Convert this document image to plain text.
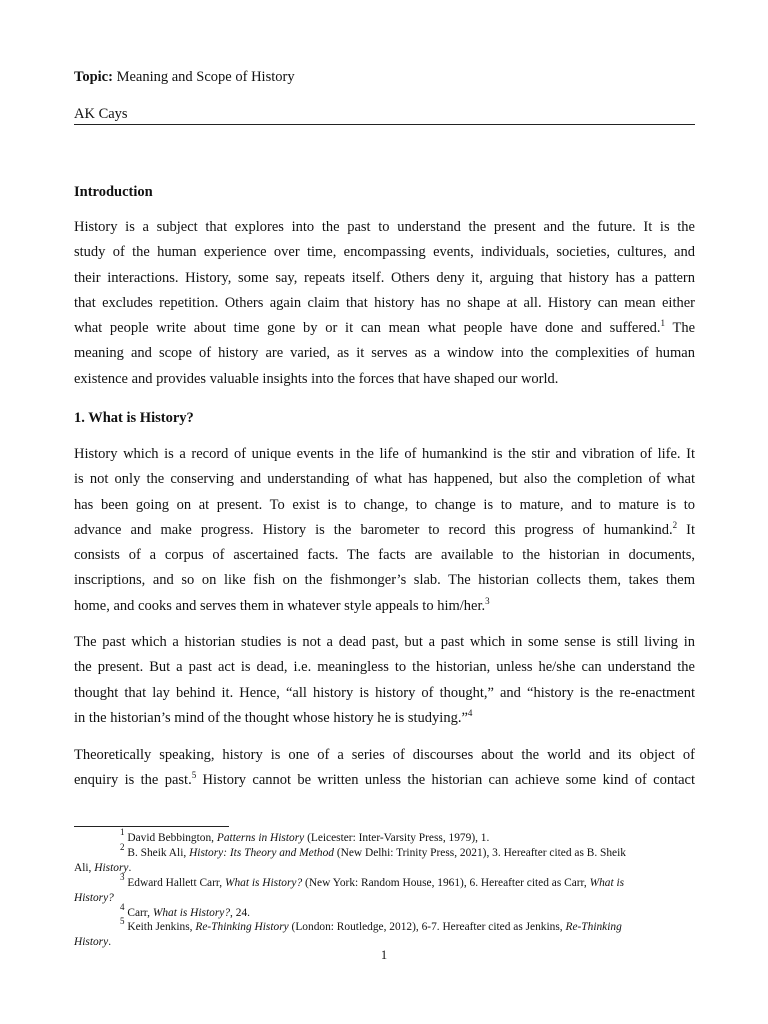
Topic: Meaning and Scope of History
AK Cays
Introduction
History is a subject that explores into the past to understand the present and the future. It is the
study of the human experience over time, encompassing events, individuals, societies, cultures, and
their interactions. History, some say, repeats itself. Others deny it, arguing that history has a pattern
that excludes repetition. Others again claim that history has no shape at all. History can mean either
what people write about time gone by or it can mean what people have done and suffered.$^1$ The
meaning and scope of history are varied, as it serves as a window into the complexities of human
existence and provides valuable insights into the forces that have shaped our world.
1. What is History?
History which is a record of unique events in the life of humankind is the stir and vibration of life. It
is not only the conserving and understanding of what has happened, but also the completion of what
has been going on at present. To exist is to change, to change is to mature, and to mature is to
advance and make progress. History is the barometer to record this progress of humankind.$^2$ It
consists of a corpus of ascertained facts. The facts are available to the historian in documents,
inscriptions, and so on like fish on the fishmonger’s slab. The historian collects them, takes them
home, and cooks and serves them in whatever style appeals to him/her.$^3$
The past which a historian studies is not a dead past, but a past which in some sense is still living in
the present. But a past act is dead, i.e. meaningless to the historian, unless he/she can understand the
thought that lay behind it. Hence, “all history is history of thought,” and “history is the re-enactment
in the historian’s mind of the thought whose history he is studying.”$^4$
Theoretically speaking, history is one of a series of discourses about the world and its object of
enquiry is the past.$^5$ History cannot be written unless the historian can achieve some kind of contact
$^1$ David Bebbington, Patterns in History (Leicester: Inter-Varsity Press, 1979), 1.
$^2$ B. Sheik Ali, History: Its Theory and Method (New Delhi: Trinity Press, 2021), 3. Hereafter cited as B. Sheik
Ali, History.
$^3$ Edward Hallett Carr, What is History? (New York: Random House, 1961), 6. Hereafter cited as Carr, What is
History?
$^4$ Carr, What is History?, 24.
$^5$ Keith Jenkins, Re-Thinking History (London: Routledge, 2012), 6-7. Hereafter cited as Jenkins, Re-Thinking
History.
1
